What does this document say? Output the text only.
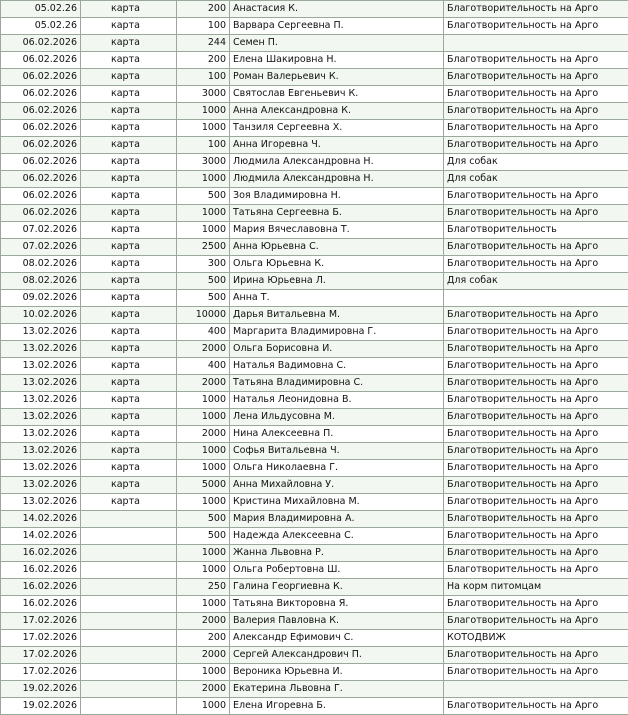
05.02.26	карта	200	Анастасия К.	Благотворительность на Арго
05.02.26	карта	100	Варвара Сергеевна П.	Благотворительность на Арго
06.02.2026	карта	244	Семен П.	
06.02.2026	карта	200	Елена Шакировна Н.	Благотворительность на Арго
06.02.2026	карта	100	Роман Валерьевич К.	Благотворительность на Арго
06.02.2026	карта	3000	Святослав Евгеньевич К.	Благотворительность на Арго
06.02.2026	карта	1000	Анна Александровна К.	Благотворительность на Арго
06.02.2026	карта	1000	Танзиля Сергеевна Х.	Благотворительность на Арго
06.02.2026	карта	100	Анна Игоревна Ч.	Благотворительность на Арго
06.02.2026	карта	3000	Людмила Александровна Н.	Для собак
06.02.2026	карта	1000	Людмила Александровна Н.	Для собак
06.02.2026	карта	500	Зоя Владимировна Н.	Благотворительность на Арго
06.02.2026	карта	1000	Татьяна Сергеевна Б.	Благотворительность на Арго
07.02.2026	карта	1000	Мария Вячеславовна Т.	Благотворительность
07.02.2026	карта	2500	Анна Юрьевна С.	Благотворительность на Арго
08.02.2026	карта	300	Ольга Юрьевна К.	Благотворительность на Арго
08.02.2026	карта	500	Ирина Юрьевна Л.	Для собак
09.02.2026	карта	500	Анна Т.	
10.02.2026	карта	10000	Дарья Витальевна М.	Благотворительность на Арго
13.02.2026	карта	400	Маргарита Владимировна Г.	Благотворительность на Арго
13.02.2026	карта	2000	Ольга Борисовна И.	Благотворительность на Арго
13.02.2026	карта	400	Наталья Вадимовна С.	Благотворительность на Арго
13.02.2026	карта	2000	Татьяна Владимировна С.	Благотворительность на Арго
13.02.2026	карта	1000	Наталья Леонидовна В.	Благотворительность на Арго
13.02.2026	карта	1000	Лена Ильдусовна М.	Благотворительность на Арго
13.02.2026	карта	2000	Нина Алексеевна П.	Благотворительность на Арго
13.02.2026	карта	1000	Софья Витальевна Ч.	Благотворительность на Арго
13.02.2026	карта	1000	Ольга Николаевна Г.	Благотворительность на Арго
13.02.2026	карта	5000	Анна Михайловна У.	Благотворительность на Арго
13.02.2026	карта	1000	Кристина Михайловна М.	Благотворительность на Арго
14.02.2026		500	Мария Владимировна А.	Благотворительность на Арго
14.02.2026		500	Надежда Алексеевна С.	Благотворительность на Арго
16.02.2026		1000	Жанна Львовна Р.	Благотворительность на Арго
16.02.2026		1000	Ольга Робертовна Ш.	Благотворительность на Арго
16.02.2026		250	Галина Георгиевна К.	На корм питомцам
16.02.2026		1000	Татьяна Викторовна Я.	Благотворительность на Арго
17.02.2026		2000	Валерия Павловна К.	Благотворительность на Арго
17.02.2026		200	Александр Ефимович С.	КОТОДВИЖ
17.02.2026		2000	Сергей Александрович П.	Благотворительность на Арго
17.02.2026		1000	Вероника Юрьевна И.	Благотворительность на Арго
19.02.2026		2000	Екатерина Львовна Г.	
19.02.2026		1000	Елена Игоревна Б.	Благотворительность на Арго
